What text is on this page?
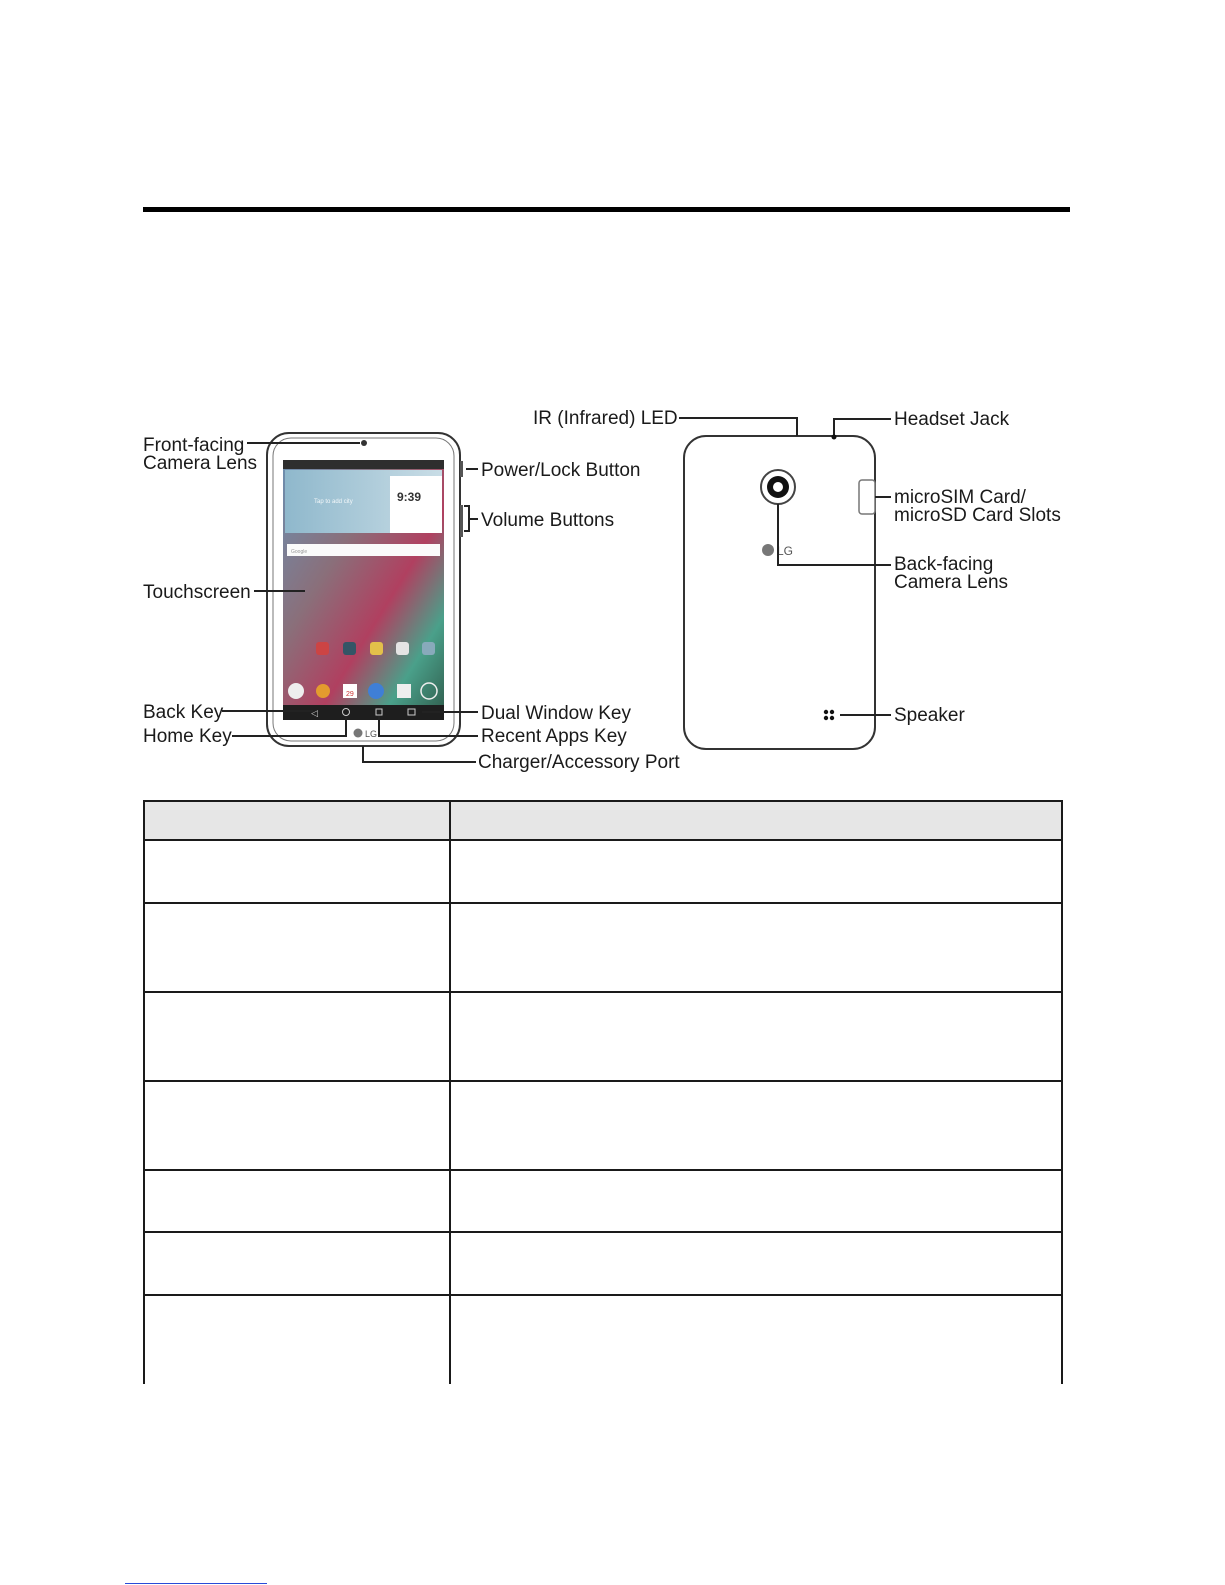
9:39
Tap to add city
Google
29
◁
LG
Front-facing
Camera Lens
Touchscreen
Back Key
Home Key
Power/Lock Button
Volume Buttons
Dual Window Key
Recent Apps Key
Charger/Accessory Port
LG
IR (Infrared) LED	Headset Jack
microSIM Card/
microSD Card Slots
Back-facing
Camera Lens
Speaker
